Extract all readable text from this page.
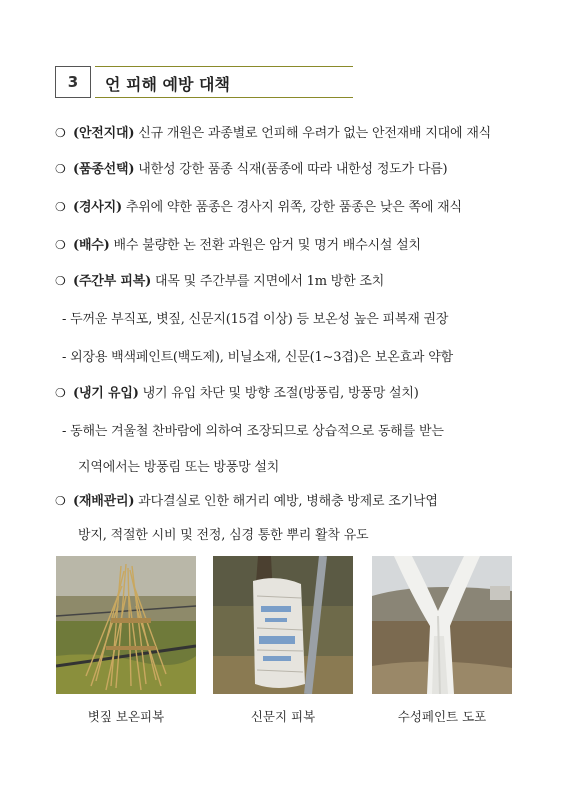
3	언 피해 예방 대책
❍ (안전지대) 신규 개원은 과종별로 언피해 우려가 없는 안전재배 지대에 재식
❍ (품종선택) 내한성 강한 품종 식재(품종에 따라 내한성 정도가 다름)
❍ (경사지) 추위에 약한 품종은 경사지 위쪽, 강한 품종은 낮은 쪽에 재식
❍ (배수) 배수 불량한 논 전환 과원은 암거 및 명거 배수시설 설치
❍ (주간부 피복) 대목 및 주간부를 지면에서 1m 방한 조치
- 두꺼운 부직포, 볏짚, 신문지(15겹 이상) 등 보온성 높은 피복재 권장
- 외장용 백색페인트(백도제), 비닐소재, 신문(1∼3겹)은 보온효과 약함
❍ (냉기 유입) 냉기 유입 차단 및 방향 조절(방풍림, 방풍망 설치)
- 동해는 겨울철 찬바람에 의하여 조장되므로 상습적으로 동해를 받는
지역에서는 방풍림 또는 방풍망 설치
❍ (재배관리) 과다결실로 인한 해거리 예방, 병해충 방제로 조기낙엽
방지, 적절한 시비 및 전정, 심경 통한 뿌리 활착 유도
볏짚 보온피복	신문지 피복	수성페인트 도포
